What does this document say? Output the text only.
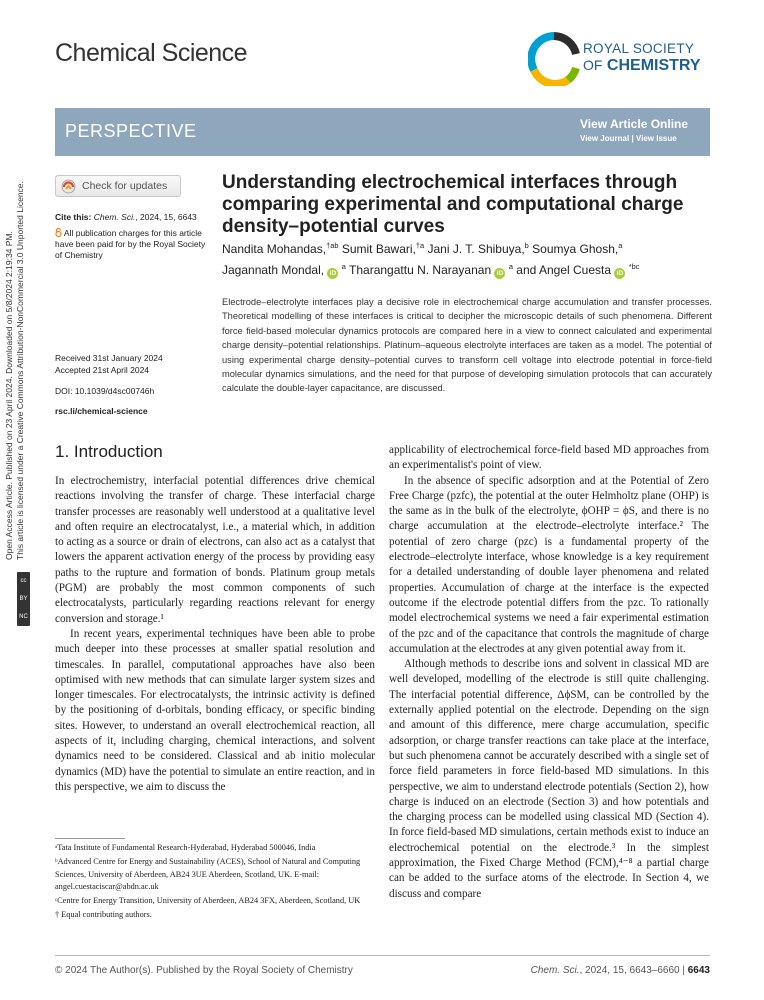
Chemical Science	ROYAL SOCIETY
OF CHEMISTRY
PERSPECTIVE	View Article Online
View Journal | View Issue
Check for updates
Cite this: Chem. Sci., 2024, 15, 6643
All publication charges for this article have been paid for by the Royal Society of Chemistry
Received 31st January 2024
Accepted 21st April 2024
DOI: 10.1039/d4sc00746h
rsc.li/chemical-science
Open Access Article. Published on 23 April 2024. Downloaded on 5/8/2024 2:19:34 PM. This article is licensed under a Creative Commons Attribution-NonCommercial 3.0 Unported Licence.
cc
BY
NC
Understanding electrochemical interfaces through comparing experimental and computational charge density–potential curves
Nandita Mohandas,$^{\dagger ab}$ Sumit Bawari,$^{\dagger a}$ Jani J. T. Shibuya,$^b$ Soumya Ghosh,$^a$
Jagannath Mondal, iD $^a$ Tharangattu N. Narayanan iD $^a$ and Angel Cuesta iD $^{*bc}$
Electrode–electrolyte interfaces play a decisive role in electrochemical charge accumulation and transfer processes. Theoretical modelling of these interfaces is critical to decipher the microscopic details of such phenomena. Different force field-based molecular dynamics protocols are compared here in a view to connect calculated and experimental charge density–potential relationships. Platinum–aqueous electrolyte interfaces are taken as a model. The potential of using experimental charge density–potential curves to transform cell voltage into electrode potential in force-field molecular dynamics simulations, and the need for that purpose of developing simulation protocols that can accurately calculate the double-layer capacitance, are discussed.
1. Introduction

In electrochemistry, interfacial potential differences drive chemical reactions involving the transfer of charge. These interfacial charge transfer processes are reasonably well understood at a qualitative level and often require an electrocatalyst, i.e., a material which, in addition to acting as a source or drain of electrons, can also act as a catalyst that lowers the apparent activation energy of the process by providing easy paths to the rupture and formation of bonds. Platinum group metals (PGM) are probably the most common components of such electrocatalysts, particularly regarding reactions relevant for energy conversion and storage.¹

In recent years, experimental techniques have been able to probe much deeper into these processes at smaller spatial resolution and timescales. In parallel, computational approaches have also been optimised with new methods that can simulate larger system sizes and longer timescales. For electrocatalysts, the intrinsic activity is defined by the positioning of d-orbitals, bonding efficacy, or specific binding sites. However, to understand an overall electrochemical reaction, all aspects of it, including charging, chemical interactions, and solvent dynamics need to be considered. Classical and ab initio molecular dynamics (MD) have the potential to simulate an entire reaction, and in this perspective, we aim to discuss the

applicability of electrochemical force-field based MD approaches from an experimentalist's point of view.

In the absence of specific adsorption and at the Potential of Zero Free Charge (pzfc), the potential at the outer Helmholtz plane (OHP) is the same as in the bulk of the electrolyte, ϕOHP = ϕS, and there is no charge accumulation at the electrode–electrolyte interface.² The potential of zero charge (pzc) is a fundamental property of the electrode–electrolyte interface, whose knowledge is a key requirement for a detailed understanding of double layer phenomena and related properties. Accumulation of charge at the interface is the expected outcome if the electrode potential differs from the pzc. To rationally model electrochemical systems we need a fair experimental estimation of the pzc and of the capacitance that controls the magnitude of charge accumulation at the electrodes at any given potential away from it.

Although methods to describe ions and solvent in classical MD are well developed, modelling of the electrode is still quite challenging. The interfacial potential difference, ΔϕSM, can be controlled by the externally applied potential on the electrode. Depending on the sign and amount of this difference, mere charge accumulation, specific adsorption, or charge transfer reactions can take place at the interface, but such phenomena cannot be accurately described with a single set of force field parameters in force field-based MD simulations. In this perspective, we aim to understand electrode potentials (Section 2), how charge is induced on an electrode (Section 3) and how potentials and the charging process can be modelled using classical MD (Section 4). In force field-based MD simulations, certain methods exist to induce an electrochemical potential on the electrode.³ In the simplest approximation, the Fixed Charge Method (FCM),⁴⁻⁸ a partial charge can be added to the surface atoms of the electrode. In Section 4, we discuss and compare

ᵃTata Institute of Fundamental Research-Hyderabad, Hyderabad 500046, India

ᵇAdvanced Centre for Energy and Sustainability (ACES), School of Natural and Computing Sciences, University of Aberdeen, AB24 3UE Aberdeen, Scotland, UK. E-mail: angel.cuestaciscar@abdn.ac.uk

ᶜCentre for Energy Transition, University of Aberdeen, AB24 3FX, Aberdeen, Scotland, UK

† Equal contributing authors.

© 2024 The Author(s). Published by the Royal Society of Chemistry	Chem. Sci., 2024, 15, 6643–6660 | 6643
